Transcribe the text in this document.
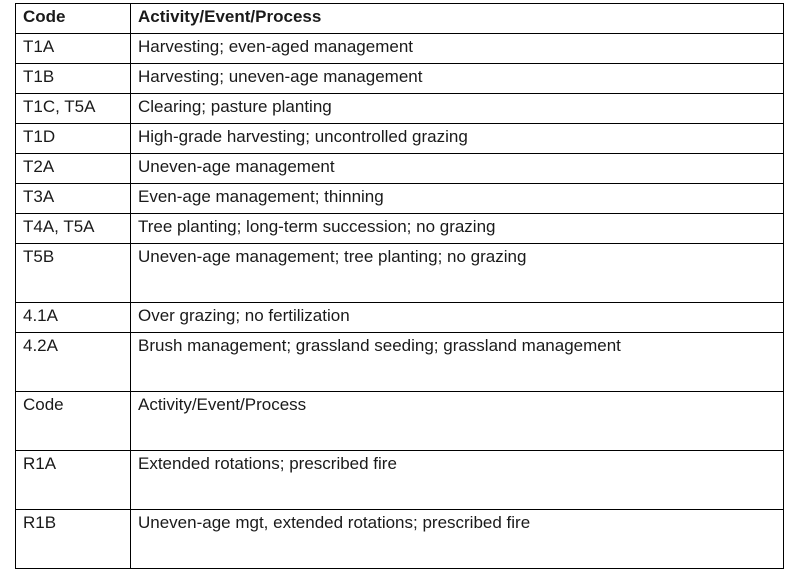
Code	Activity/Event/Process
T1A	Harvesting; even-aged management
T1B	Harvesting; uneven-age management
T1C, T5A	Clearing; pasture planting
T1D	High-grade harvesting; uncontrolled grazing
T2A	Uneven-age management
T3A	Even-age management; thinning
T4A, T5A	Tree planting; long-term succession; no grazing
T5B	Uneven-age management; tree planting; no grazing
4.1A	Over grazing; no fertilization
4.2A	Brush management; grassland seeding; grassland management
Code	Activity/Event/Process
R1A	Extended rotations; prescribed fire
R1B	Uneven-age mgt, extended rotations; prescribed fire
